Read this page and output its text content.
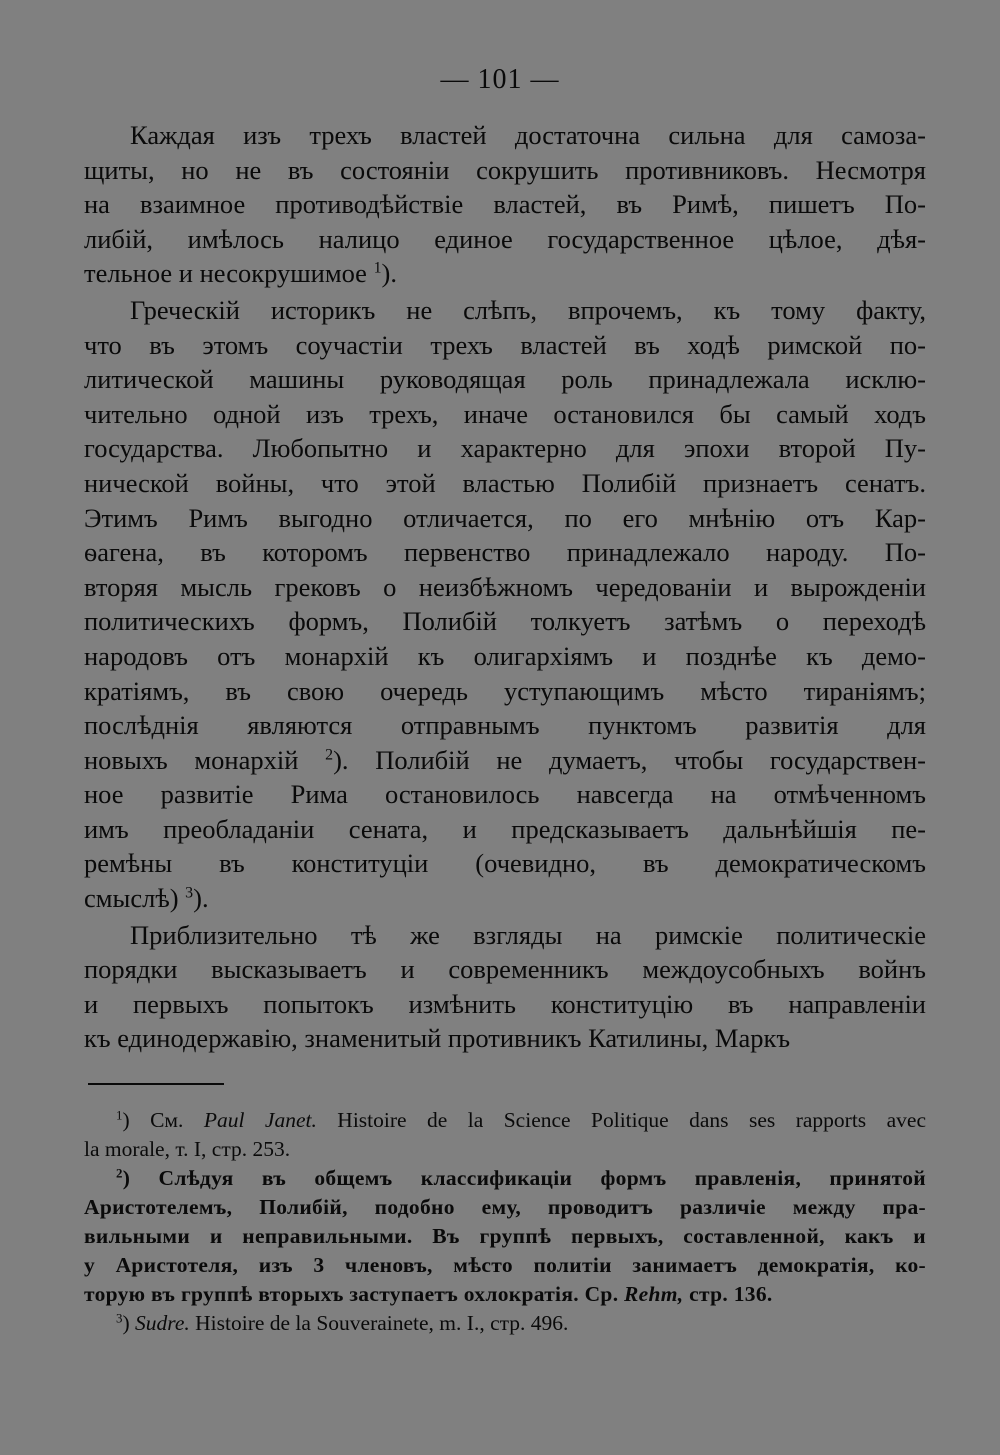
— 101 —
Каждая изъ трехъ властей достаточна сильна для самоза-
щиты, но не въ состоянiи сокрушить противниковъ. Несмотря
на взаимное противодѣйствiе властей, въ Римѣ, пишетъ По-
либiй, имѣлось налицо единое государственное цѣлое, дѣя-
тельное и несокрушимое $^1$).
Греческiй историкъ не слѣпъ, впрочемъ, къ тому факту,
что въ этомъ соучастiи трехъ властей въ ходѣ римской по-
литической машины руководящая роль принадлежала исклю-
чительно одной изъ трехъ, иначе остановился бы самый ходъ
государства. Любопытно и характерно для эпохи второй Пу-
нической войны, что этой властью Полибiй признаетъ сенатъ.
Этимъ Римъ выгодно отличается, по его мнѣнiю отъ Кар-
ѳагена, въ которомъ первенство принадлежало народу. По-
вторяя мысль грековъ о неизбѣжномъ чередованiи и вырожденiи
политическихъ формъ, Полибiй толкуетъ затѣмъ о переходѣ
народовъ отъ монархiй къ олигархiямъ и позднѣе къ демо-
кратiямъ, въ свою очередь уступающимъ мѣсто тиранiямъ;
послѣднiя являются отправнымъ пунктомъ развитiя для
новыхъ монархiй $^2$). Полибiй не думаетъ, чтобы государствен-
ное развитiе Рима остановилось навсегда на отмѣченномъ
имъ преобладанiи сената, и предсказываетъ дальнѣйшiя пе-
ремѣны въ конституцiи (очевидно, въ демократическомъ
смыслѣ) $^3$).
Приблизительно тѣ же взгляды на римскiе политическiе
порядки высказываетъ и современникъ междоусобныхъ войнъ
и первыхъ попытокъ измѣнить конституцiю въ направленiи
къ единодержавiю, знаменитый противникъ Катилины, Маркъ
$^1$) См. Paul Janet. Histoire de la Science Politique dans ses rapports avec
la morale, т. I, стр. 253.
$^2$) Слѣдуя въ общемъ классификацiи формъ правленiя, принятой
Аристотелемъ, Полибiй, подобно ему, проводитъ различiе между пра-
вильными и неправильными. Въ группѣ первыхъ, составленной, какъ и
у Аристотеля, изъ 3 членовъ, мѣсто политiи занимаетъ демократiя, ко-
торую въ группѣ вторыхъ заступаетъ охлократiя. Ср. Rehm, стр. 136.
$^3$) Sudre. Histoire de la Souverainete, m. I., стр. 496.
